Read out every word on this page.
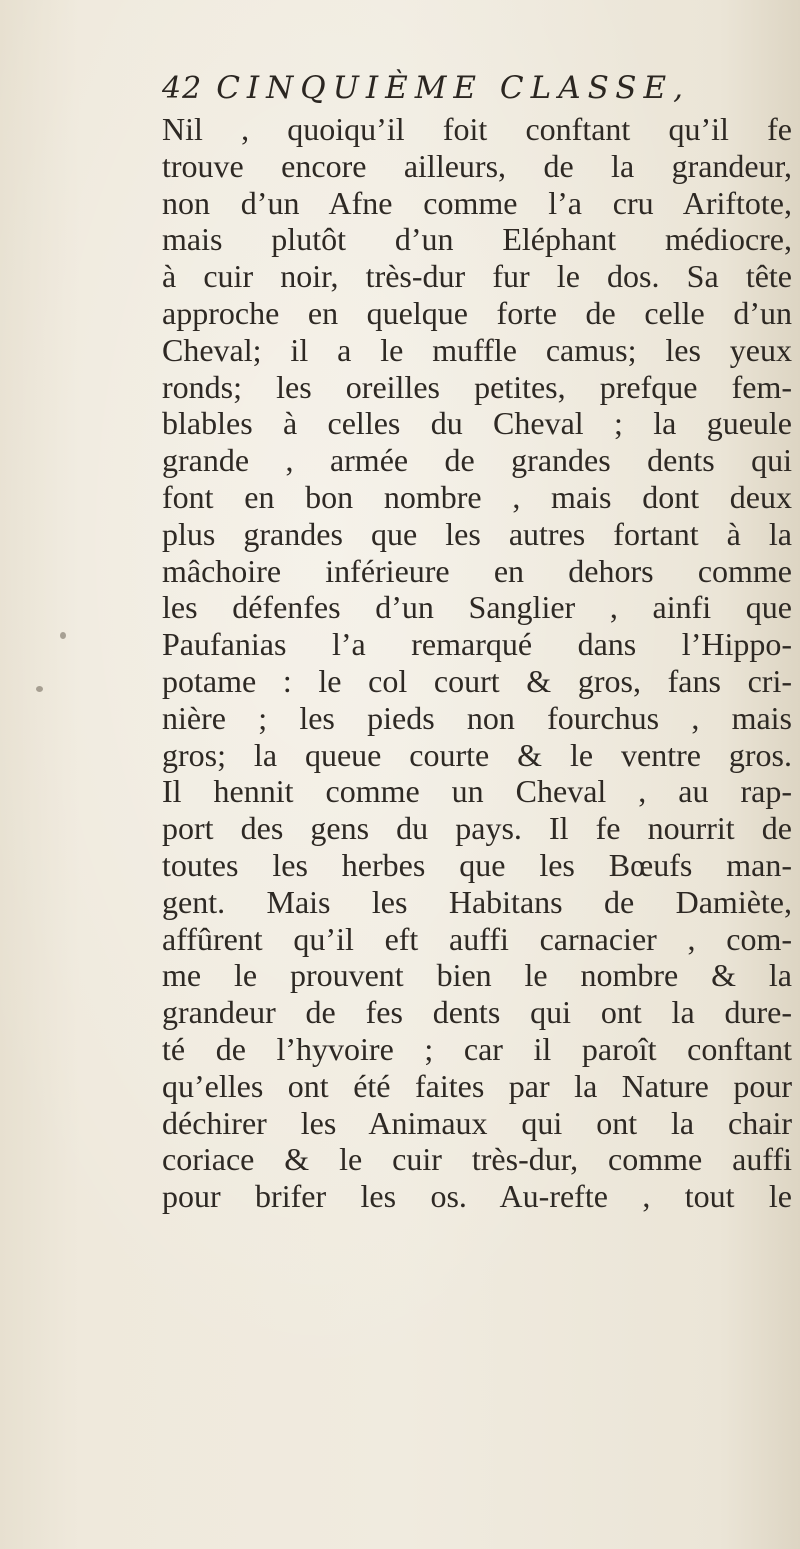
42 CINQUIÈME CLASSE,
Nil , quoiqu’il foit conftant qu’il fe
trouve encore ailleurs, de la grandeur,
non d’un Afne comme l’a cru Ariftote,
mais plutôt d’un Eléphant médiocre,
à cuir noir, très-dur fur le dos. Sa tête
approche en quelque forte de celle d’un
Cheval; il a le muffle camus; les yeux
ronds; les oreilles petites, prefque fem-
blables à celles du Cheval ; la gueule
grande , armée de grandes dents qui
font en bon nombre , mais dont deux
plus grandes que les autres fortant à la
mâchoire inférieure en dehors comme
les défenfes d’un Sanglier , ainfi que
Paufanias l’a remarqué dans l’Hippo-
potame : le col court & gros, fans cri-
nière ; les pieds non fourchus , mais
gros; la queue courte & le ventre gros.
Il hennit comme un Cheval , au rap-
port des gens du pays. Il fe nourrit de
toutes les herbes que les Bœufs man-
gent. Mais les Habitans de Damiète,
affûrent qu’il eft auffi carnacier , com-
me le prouvent bien le nombre & la
grandeur de fes dents qui ont la dure-
té de l’hyvoire ; car il paroît conftant
qu’elles ont été faites par la Nature pour
déchirer les Animaux qui ont la chair
coriace & le cuir très-dur, comme auffi
pour brifer les os. Au-refte , tout le
